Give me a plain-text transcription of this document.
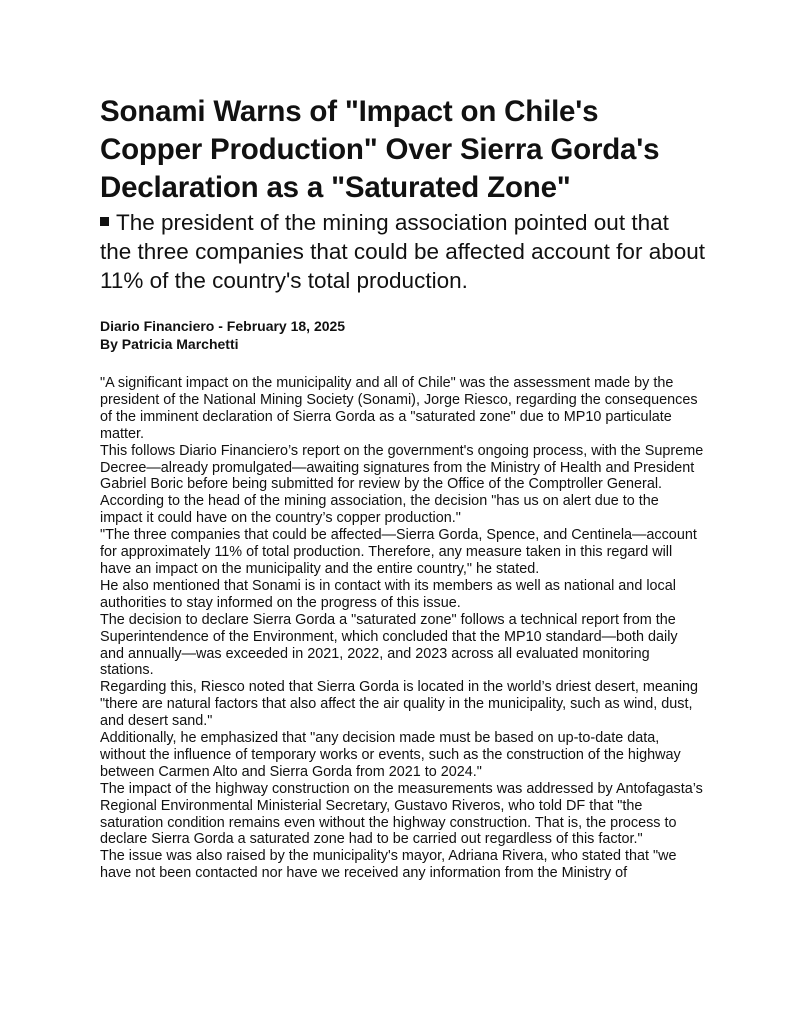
Sonami Warns of "Impact on Chile's Copper Production" Over Sierra Gorda's Declaration as a "Saturated Zone"
The president of the mining association pointed out that the three companies that could be affected account for about 11% of the country's total production.
Diario Financiero - February 18, 2025
By Patricia Marchetti

"A significant impact on the municipality and all of Chile" was the assessment made by the president of the National Mining Society (Sonami), Jorge Riesco, regarding the consequences of the imminent declaration of Sierra Gorda as a "saturated zone" due to MP10 particulate matter.

This follows Diario Financiero’s report on the government's ongoing process, with the Supreme Decree—already promulgated—awaiting signatures from the Ministry of Health and President Gabriel Boric before being submitted for review by the Office of the Comptroller General.

According to the head of the mining association, the decision "has us on alert due to the impact it could have on the country’s copper production."

"The three companies that could be affected—Sierra Gorda, Spence, and Centinela—account for approximately 11% of total production. Therefore, any measure taken in this regard will have an impact on the municipality and the entire country," he stated.

He also mentioned that Sonami is in contact with its members as well as national and local authorities to stay informed on the progress of this issue.

The decision to declare Sierra Gorda a "saturated zone" follows a technical report from the Superintendence of the Environment, which concluded that the MP10 standard—both daily and annually—was exceeded in 2021, 2022, and 2023 across all evaluated monitoring stations.

Regarding this, Riesco noted that Sierra Gorda is located in the world’s driest desert, meaning "there are natural factors that also affect the air quality in the municipality, such as wind, dust, and desert sand."

Additionally, he emphasized that "any decision made must be based on up-to-date data, without the influence of temporary works or events, such as the construction of the highway between Carmen Alto and Sierra Gorda from 2021 to 2024."

The impact of the highway construction on the measurements was addressed by Antofagasta’s Regional Environmental Ministerial Secretary, Gustavo Riveros, who told DF that "the saturation condition remains even without the highway construction. That is, the process to declare Sierra Gorda a saturated zone had to be carried out regardless of this factor."

The issue was also raised by the municipality's mayor, Adriana Rivera, who stated that "we have not been contacted nor have we received any information from the Ministry of
